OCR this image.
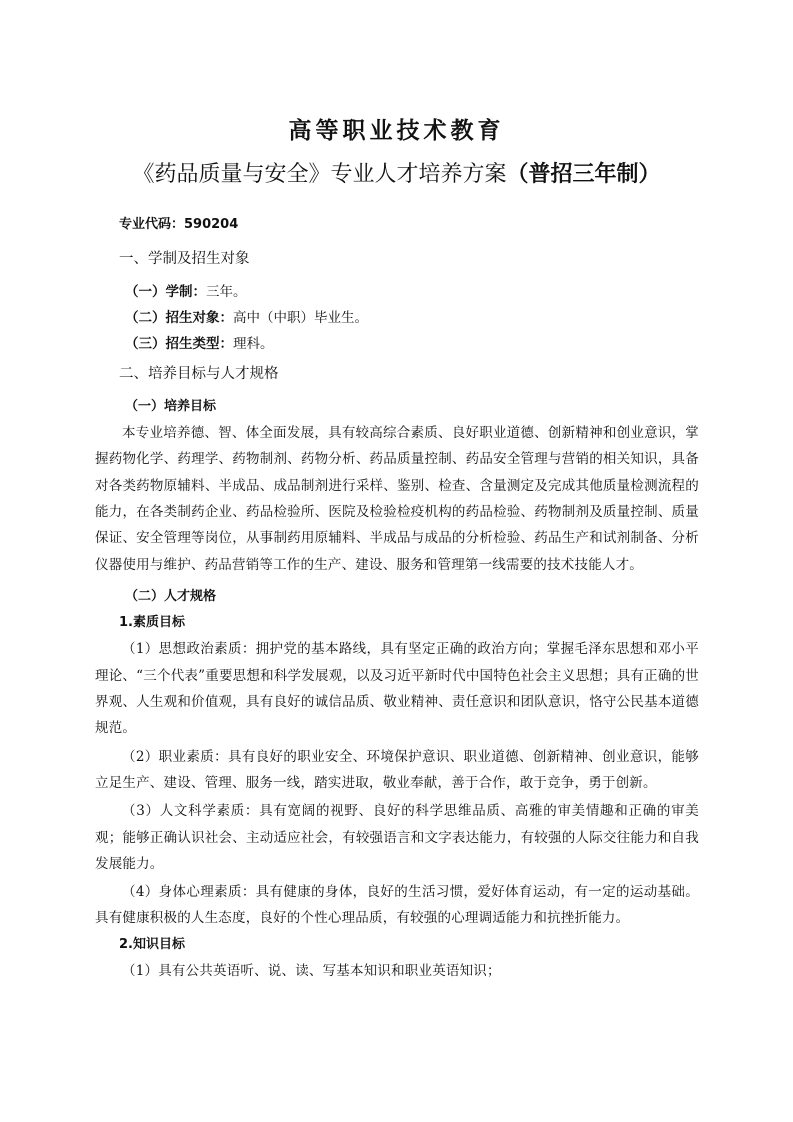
高等职业技术教育
《药品质量与安全》专业人才培养方案（普招三年制）

专业代码：590204

一、学制及招生对象

（一）学制：三年。

（二）招生对象：高中（中职）毕业生。

（三）招生类型：理科。

二、培养目标与人才规格

（一）培养目标

本专业培养德、智、体全面发展，具有较高综合素质、良好职业道德、创新精神和创业意识，掌握药物化学、药理学、药物制剂、药物分析、药品质量控制、药品安全管理与营销的相关知识，具备对各类药物原辅料、半成品、成品制剂进行采样、鉴别、检查、含量测定及完成其他质量检测流程的能力，在各类制药企业、药品检验所、医院及检验检疫机构的药品检验、药物制剂及质量控制、质量保证、安全管理等岗位，从事制药用原辅料、半成品与成品的分析检验、药品生产和试剂制备、分析仪器使用与维护、药品营销等工作的生产、建设、服务和管理第一线需要的技术技能人才。

（二）人才规格

1.素质目标

（1）思想政治素质：拥护党的基本路线，具有坚定正确的政治方向；掌握毛泽东思想和邓小平理论、“三个代表”重要思想和科学发展观，以及习近平新时代中国特色社会主义思想；具有正确的世界观、人生观和价值观，具有良好的诚信品质、敬业精神、责任意识和团队意识，恪守公民基本道德规范。

（2）职业素质：具有良好的职业安全、环境保护意识、职业道德、创新精神、创业意识，能够立足生产、建设、管理、服务一线，踏实进取，敬业奉献，善于合作，敢于竞争，勇于创新。

（3）人文科学素质：具有宽阔的视野、良好的科学思维品质、高雅的审美情趣和正确的审美观；能够正确认识社会、主动适应社会，有较强语言和文字表达能力，有较强的人际交往能力和自我发展能力。

（4）身体心理素质：具有健康的身体，良好的生活习惯，爱好体育运动，有一定的运动基础。具有健康积极的人生态度，良好的个性心理品质，有较强的心理调适能力和抗挫折能力。

2.知识目标

（1）具有公共英语听、说、读、写基本知识和职业英语知识；
